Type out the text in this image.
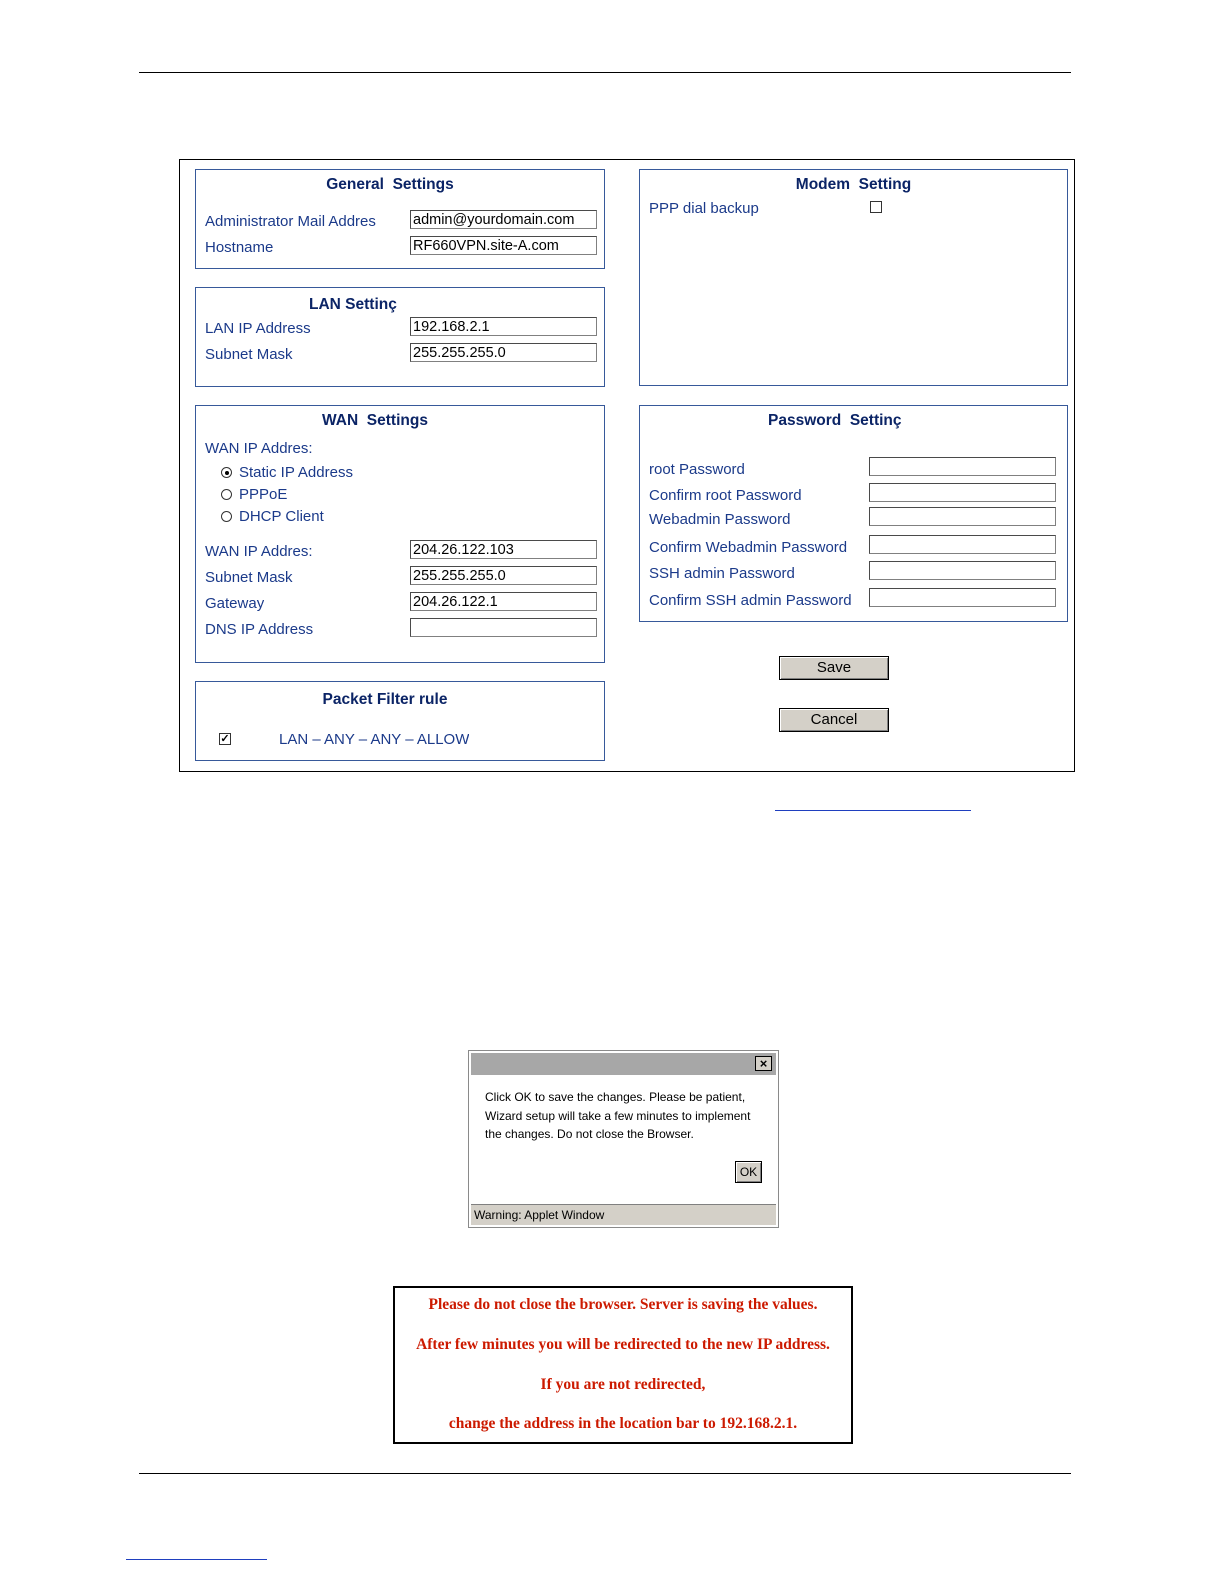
General  Settings
Administrator Mail Addres
admin@yourdomain.com
Hostname
RF660VPN.site-A.com
LAN Settinç
LAN IP Address
192.168.2.1
Subnet Mask
255.255.255.0
WAN  Settings
WAN IP Addres:
Static IP Address
PPPoE
DHCP Client
WAN IP Addres:
204.26.122.103
Subnet Mask
255.255.255.0
Gateway
204.26.122.1
DNS IP Address
Packet Filter rule
✓	LAN – ANY – ANY – ALLOW
Modem  Setting
PPP dial backup
Password  Settinç
root Password
Confirm root Password
Webadmin Password
Confirm Webadmin Password
SSH admin Password
Confirm SSH admin Password
Save
Cancel
×
Click OK to save the changes. Please be patient, Wizard setup will take a few minutes to implement the changes. Do not close the Browser.
OK
Warning: Applet Window
Please do not close the browser. Server is saving the values.
After few minutes you will be redirected to the new IP address.
If you are not redirected,
change the address in the location bar to 192.168.2.1.
